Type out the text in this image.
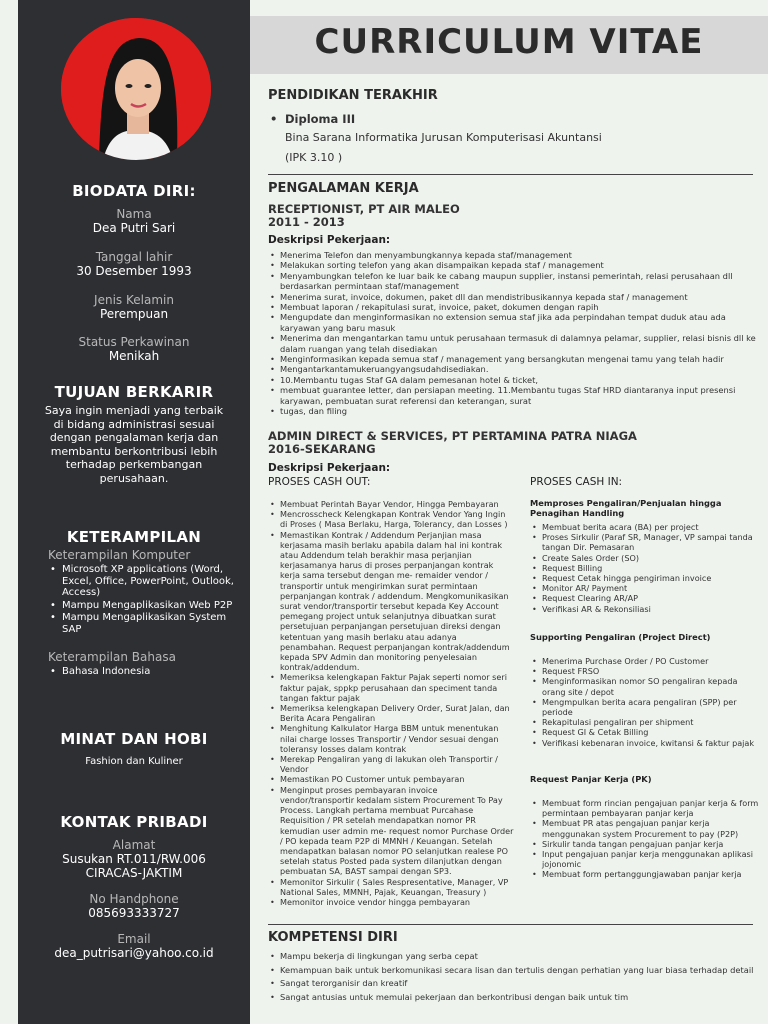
BIODATA DIRI:
Nama
Dea Putri Sari
Tanggal lahir
30 Desember 1993
Jenis Kelamin
Perempuan
Status Perkawinan
Menikah
TUJUAN BERKARIR
Saya ingin menjadi yang terbaik di bidang administrasi sesuai dengan pengalaman kerja dan membantu berkontribusi lebih terhadap perkembangan perusahaan.
KETERAMPILAN
Keterampilan Komputer
• Microsoft XP applications (Word, Excel, Office, PowerPoint, Outlook, Access)
• Mampu Mengaplikasikan Web P2P
• Mampu Mengaplikasikan System SAP
Keterampilan Bahasa
• Bahasa Indonesia
MINAT DAN HOBI
Fashion dan Kuliner
KONTAK PRIBADI
Alamat
Susukan RT.011/RW.006
CIRACAS-JAKTIM
No Handphone
085693333727
Email
dea_putrisari@yahoo.co.id
CURRICULUM VITAE
PENDIDIKAN TERAKHIR
• Diploma III
Bina Sarana Informatika Jurusan Komputerisasi Akuntansi
(IPK 3.10 )
PENGALAMAN KERJA
RECEPTIONIST, PT AIR MALEO
2011 - 2013
Deskripsi Pekerjaan:
• Menerima Telefon dan menyambungkannya kepada staf/management
• Melakukan sorting telefon yang akan disampaikan kepada staf / management
• Menyambungkan telefon ke luar baik ke cabang maupun supplier, instansi pemerintah, relasi perusahaan dll berdasarkan permintaan staf/management
• Menerima surat, invoice, dokumen, paket dll dan mendistribusikannya kepada staf / management
• Membuat laporan / rekapitulasi surat, invoice, paket, dokumen dengan rapih
• Mengupdate dan menginformasikan no extension semua staf jika ada perpindahan tempat duduk atau ada karyawan yang baru masuk
• Menerima dan mengantarkan tamu untuk perusahaan termasuk di dalamnya pelamar, supplier, relasi bisnis dll ke dalam ruangan yang telah disediakan
• Menginformasikan kepada semua staf / management yang bersangkutan mengenai tamu yang telah hadir
• Mengantarkantamukeruangyangsudahdisediakan.
• 10.Membantu tugas Staf GA dalam pemesanan hotel & ticket,
• membuat guarantee letter, dan persiapan meeting. 11.Membantu tugas Staf HRD diantaranya input presensi karyawan, pembuatan surat referensi dan keterangan, surat
• tugas, dan filing
ADMIN DIRECT & SERVICES, PT PERTAMINA PATRA NIAGA
2016-SEKARANG
Deskripsi Pekerjaan:
PROSES CASH OUT:
• Membuat Perintah Bayar Vendor, Hingga Pembayaran
• Mencrosscheck Kelengkapan Kontrak Vendor Yang Ingin di Proses ( Masa Berlaku, Harga, Tolerancy, dan Losses )
• Memastikan Kontrak / Addendum Perjanjian masa kerjasama masih berlaku apabila dalam hal ini kontrak atau Addendum telah berakhir masa perjanjian kerjasamanya harus di proses perpanjangan kontrak kerja sama tersebut dengan me- remaider vendor / transportir untuk mengirimkan surat permintaan perpanjangan kontrak / addendum. Mengkomunikasikan surat vendor/transportir tersebut kepada Key Account pemegang project untuk selanjutnya dibuatkan surat persetujuan perpanjangan persetujuan direksi dengan ketentuan yang masih berlaku atau adanya penambahan. Request perpanjangan kontrak/addendum kepada SPV Admin dan monitoring penyelesaian kontrak/addendum.
• Memeriksa kelengkapan Faktur Pajak seperti nomor seri faktur pajak, sppkp perusahaan dan speciment tanda tangan faktur pajak
• Memeriksa kelengkapan Delivery Order, Surat Jalan, dan Berita Acara Pengaliran
• Menghitung Kalkulator Harga BBM untuk menentukan nilai charge losses Transportir / Vendor sesuai dengan toleransy losses dalam kontrak
• Merekap Pengaliran yang di lakukan oleh Transportir / Vendor
• Memastikan PO Customer untuk pembayaran
• Menginput proses pembayaran invoice vendor/transportir kedalam sistem Procurement To Pay Process. Langkah pertama membuat Purcahase Requisition / PR setelah mendapatkan nomor PR kemudian user admin me- request nomor Purchase Order / PO kepada team P2P di MMNH / Keuangan. Setelah mendapatkan balasan nomor PO selanjutkan realese PO setelah status Posted pada system dilanjutkan dengan pembuatan SA, BAST sampai dengan SP3.
• Memonitor Sirkulir ( Sales Respresentative, Manager, VP National Sales, MMNH, Pajak, Keuangan, Treasury )
• Memonitor invoice vendor hingga pembayaran
PROSES CASH IN:
Memproses Pengaliran/Penjualan hingga Penagihan Handling
• Membuat berita acara (BA) per project
• Proses Sirkulir (Paraf SR, Manager, VP sampai tanda tangan Dir. Pemasaran
• Create Sales Order (SO)
• Request Billing
• Request Cetak hingga pengiriman invoice
• Monitor AR/ Payment
• Request Clearing AR/AP
• Verifikasi AR & Rekonsiliasi
Supporting Pengaliran (Project Direct)
• Menerima Purchase Order / PO Customer
• Request FRSO
• Menginformasikan nomor SO pengaliran kepada orang site / depot
• Mengmpulkan berita acara pengaliran (SPP) per periode
• Rekapitulasi pengaliran per shipment
• Request GI & Cetak Billing
• Verifikasi kebenaran invoice, kwitansi & faktur pajak
Request Panjar Kerja (PK)
• Membuat form rincian pengajuan panjar kerja & form permintaan pembayaran panjar kerja
• Membuat PR atas pengajuan panjar kerja menggunakan system Procurement to pay (P2P)
• Sirkulir tanda tangan pengajuan panjar kerja
• Input pengajuan panjar kerja menggunakan aplikasi jojonomic
• Membuat form pertanggungjawaban panjar kerja
KOMPETENSI DIRI
• Mampu bekerja di lingkungan yang serba cepat
• Kemampuan baik untuk berkomunikasi secara lisan dan tertulis dengan perhatian yang luar biasa terhadap detail
• Sangat terorganisir dan kreatif
• Sangat antusias untuk memulai pekerjaan dan berkontribusi dengan baik untuk tim
